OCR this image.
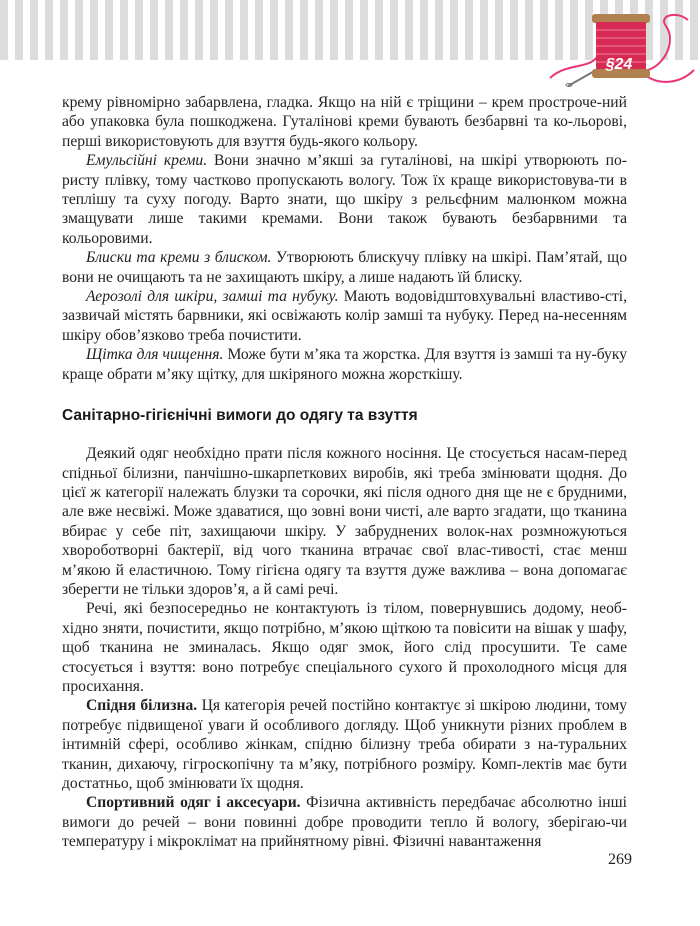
§24

крему рівномірно забарвлена, гладка. Якщо на ній є тріщини – крем простроче-ний або упаковка була пошкоджена. Гуталінові креми бувають безбарвні та ко-льорові, перші використовують для взуття будь-якого кольору.

Емульсійні креми. Вони значно м’якші за гуталінові, на шкірі утворюють по-ристу плівку, тому частково пропускають вологу. Тож їх краще використовува-ти в теплішу та суху погоду. Варто знати, що шкіру з рельєфним малюнком можна змащувати лише такими кремами. Вони також бувають безбарвними та кольоровими.

Блиски та креми з блиском. Утворюють блискучу плівку на шкірі. Пам’ятай, що вони не очищають та не захищають шкіру, а лише надають їй блиску.

Аерозолі для шкіри, замші та нубуку. Мають водовідштовхувальні властиво-сті, зазвичай містять барвники, які освіжають колір замші та нубуку. Перед на-несенням шкіру обов’язково треба почистити.

Щітка для чищення. Може бути м’яка та жорстка. Для взуття із замші та ну-буку краще обрати м’яку щітку, для шкіряного можна жорсткішу.

Санітарно-гігієнічні вимоги до одягу та взуття

Деякий одяг необхідно прати після кожного носіння. Це стосується насам-перед спідньої білизни, панчішно-шкарпеткових виробів, які треба змінювати щодня. До цієї ж категорії належать блузки та сорочки, які після одного дня ще не є брудними, але вже несвіжі. Може здаватися, що зовні вони чисті, але варто згадати, що тканина вбирає у себе піт, захищаючи шкіру. У забруднених волок-нах розмножуються хвороботворні бактерії, від чого тканина втрачає свої влас-тивості, стає менш м’якою й еластичною. Тому гігієна одягу та взуття дуже важлива – вона допомагає зберегти не тільки здоров’я, а й самі речі.

Речі, які безпосередньо не контактують із тілом, повернувшись додому, необ-хідно зняти, почистити, якщо потрібно, м’якою щіткою та повісити на вішак у шафу, щоб тканина не зминалась. Якщо одяг змок, його слід просушити. Те саме стосується і взуття: воно потребує спеціального сухого й прохолодного місця для просихання.

Спідня білизна. Ця категорія речей постійно контактує зі шкірою людини, тому потребує підвищеної уваги й особливого догляду. Щоб уникнути різних проблем в інтимній сфері, особливо жінкам, спідню білизну треба обирати з на-туральних тканин, дихаючу, гігроскопічну та м’яку, потрібного розміру. Комп-лектів має бути достатньо, щоб змінювати їх щодня.

Спортивний одяг і аксесуари. Фізична активність передбачає абсолютно інші вимоги до речей – вони повинні добре проводити тепло й вологу, зберігаю-чи температуру і мікроклімат на прийнятному рівні. Фізичні навантаження

269
